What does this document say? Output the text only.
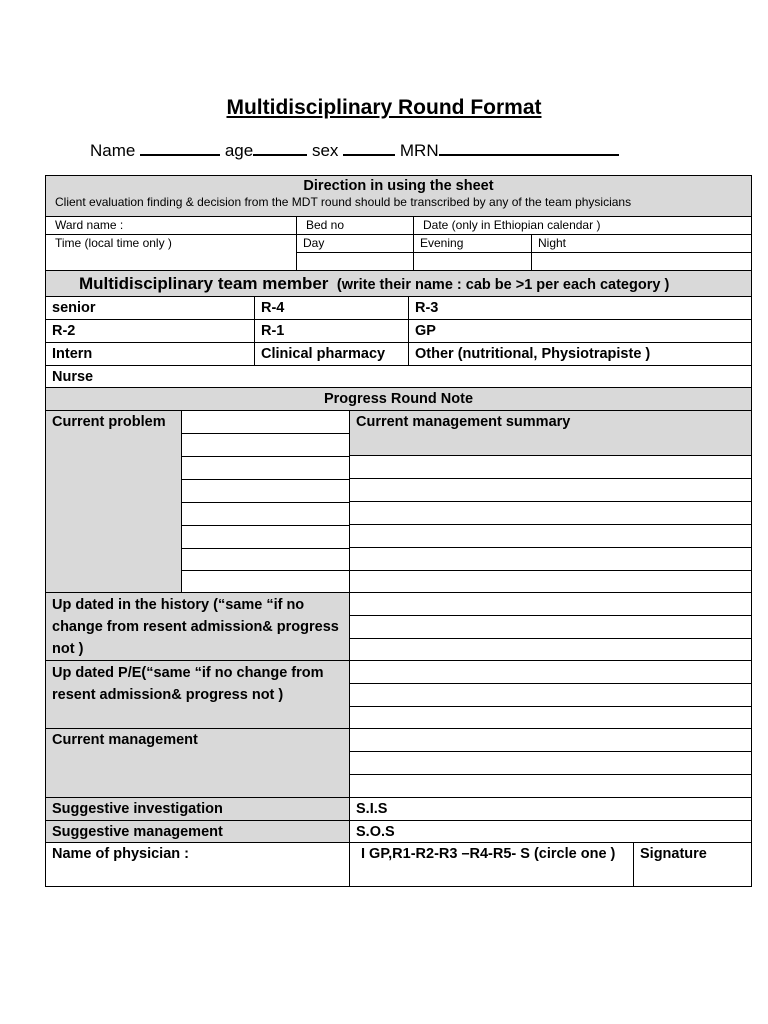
Multidisciplinary Round Format
Name	age	sex	MRN
Direction in using the sheet
Client evaluation finding & decision from the MDT round should be transcribed by any of the team physicians
Ward name :	Bed no	Date (only in Ethiopian calendar )
Time (local time only )	Day	Evening	Night
Multidisciplinary team member (write their name : cab be >1 per each category )
senior	R-4	R-3
R-2	R-1	GP
Intern	Clinical pharmacy	Other (nutritional, Physiotrapiste )
Nurse
Progress Round Note
Current problem	Current management summary
Up dated in the history (“same “if no change from resent admission& progress not )
Up dated P/E(“same “if no change from resent admission& progress not )
Current management
Suggestive investigation	S.I.S
Suggestive management	S.O.S
Name of physician :	I GP,R1-R2-R3 –R4-R5- S (circle one )	Signature
